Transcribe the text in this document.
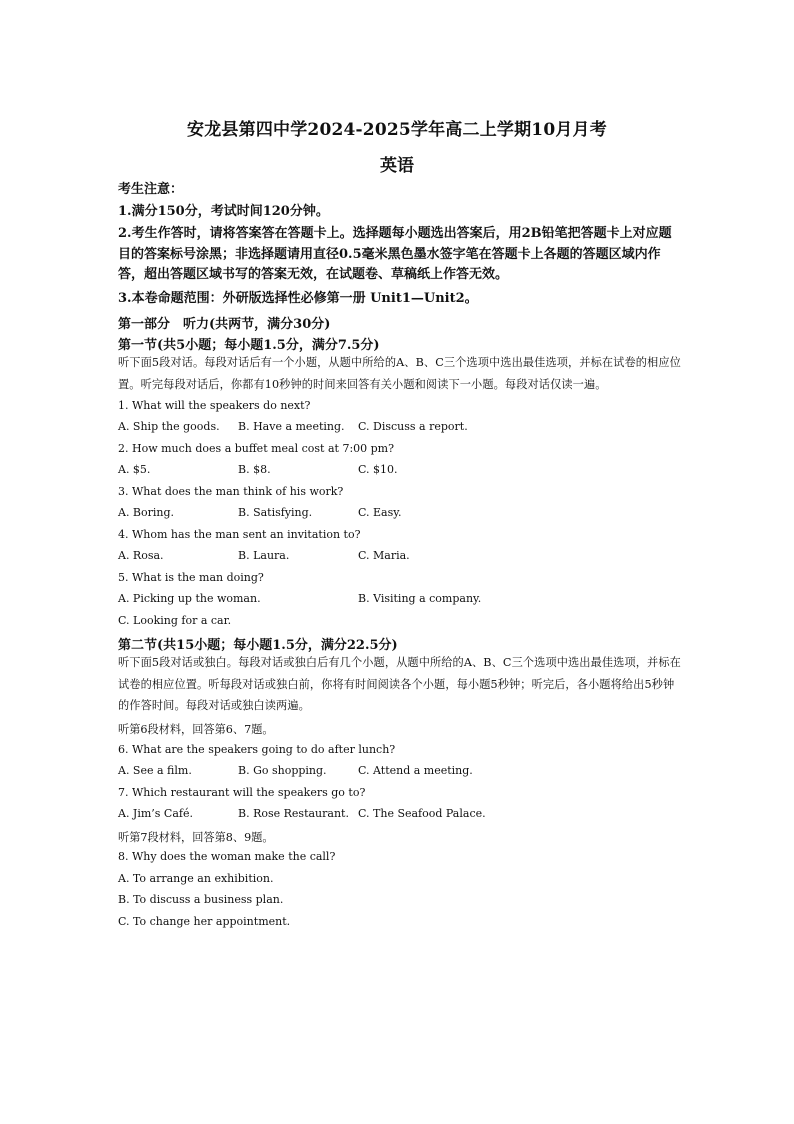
安龙县第四中学2024-2025学年高二上学期10月月考
英语
考生注意：
1.满分150分，考试时间120分钟。
2.考生作答时，请将答案答在答题卡上。选择题每小题选出答案后，用2B铅笔把答题卡上对应题目的答案标号涂黑；非选择题请用直径0.5毫米黑色墨水签字笔在答题卡上各题的答题区域内作答，超出答题区域书写的答案无效，在试题卷、草稿纸上作答无效。
3.本卷命题范围：外研版选择性必修第一册 Unit1—Unit2。
第一部分　听力(共两节，满分30分)
第一节(共5小题；每小题1.5分，满分7.5分)
听下面5段对话。每段对话后有一个小题，从题中所给的A、B、C三个选项中选出最佳选项，并标在试卷的相应位置。听完每段对话后，你都有10秒钟的时间来回答有关小题和阅读下一小题。每段对话仅读一遍。
1. What will the speakers do next?
A. Ship the goods. B. Have a meeting. C. Discuss a report.
2. How much does a buffet meal cost at 7:00 pm?
A. $5.	B. $8.	C. $10.
3. What does the man think of his work?
A. Boring.	B. Satisfying.	C. Easy.
4. Whom has the man sent an invitation to?
A. Rosa.	B. Laura.	C. Maria.
5. What is the man doing?
A. Picking up the woman.	B. Visiting a company.
C. Looking for a car.
第二节(共15小题；每小题1.5分，满分22.5分)
听下面5段对话或独白。每段对话或独白后有几个小题，从题中所给的A、B、C三个选项中选出最佳选项，并标在试卷的相应位置。听每段对话或独白前，你将有时间阅读各个小题，每小题5秒钟；听完后，各小题将给出5秒钟的作答时间。每段对话或独白读两遍。
听第6段材料，回答第6、7题。
6. What are the speakers going to do after lunch?
A. See a film.	B. Go shopping.	C. Attend a meeting.
7. Which restaurant will the speakers go to?
A. Jim’s Café.	B. Rose Restaurant. C. The Seafood Palace.
听第7段材料，回答第8、9题。
8. Why does the woman make the call?
A. To arrange an exhibition.
B. To discuss a business plan.
C. To change her appointment.
